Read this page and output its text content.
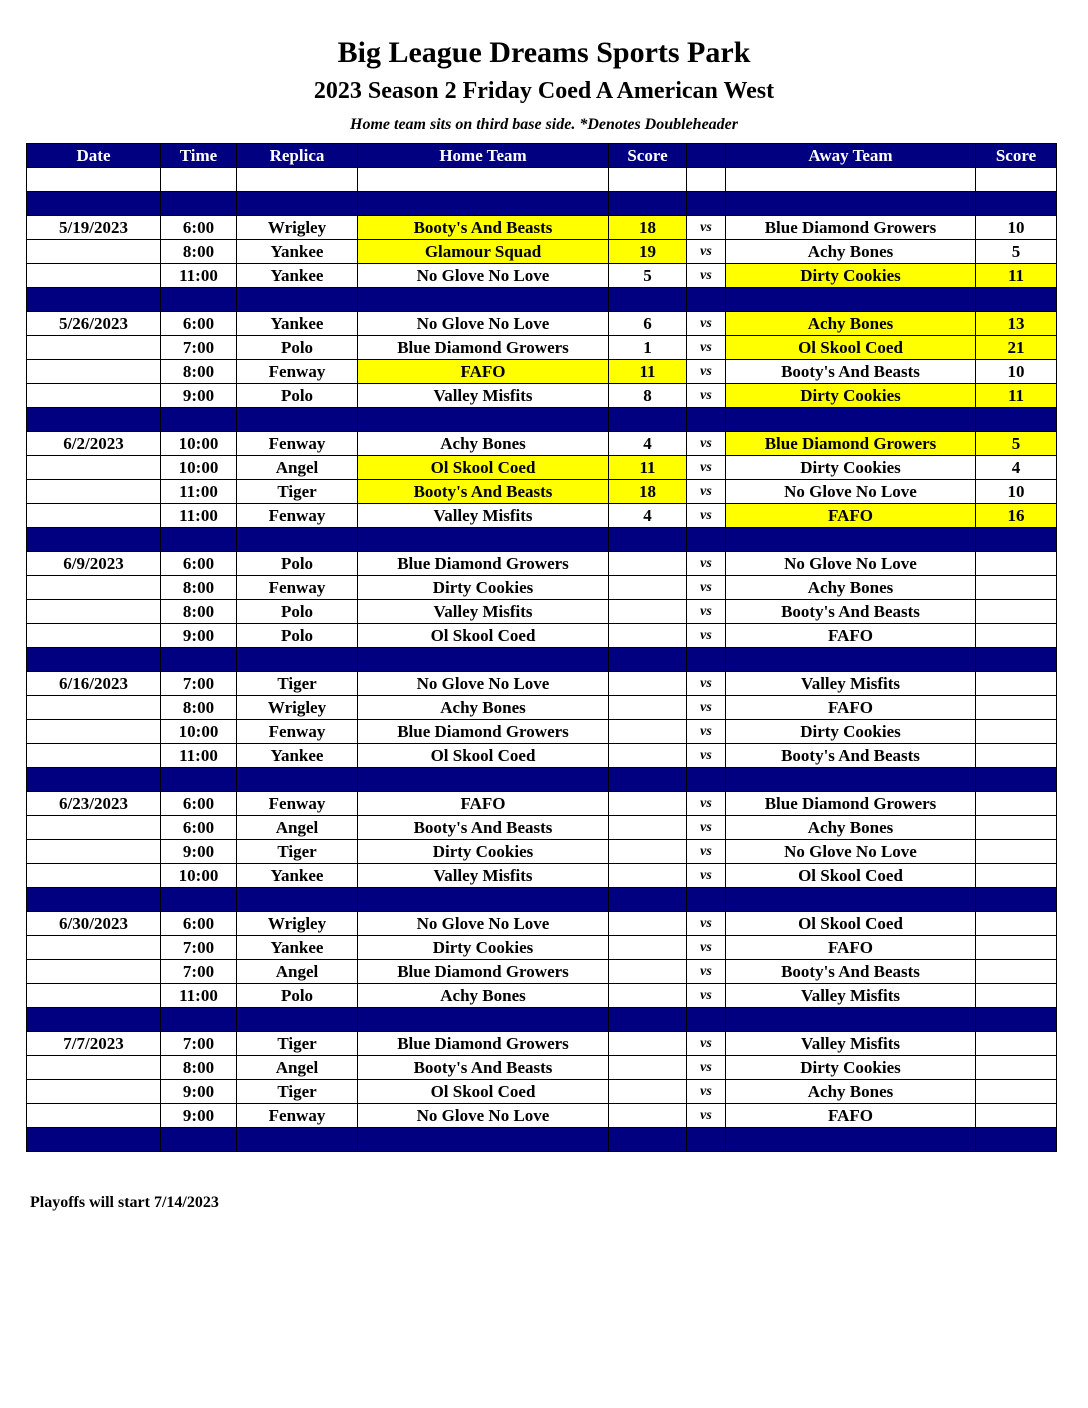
Big League Dreams Sports Park
2023 Season 2 Friday Coed A American West
Home team sits on third base side. *Denotes Doubleheader
Date	Time	Replica	Home Team	Score		Away Team	Score

5/19/2023	6:00	Wrigley	Booty's And Beasts	18	vs	Blue Diamond Growers	10
	8:00	Yankee	Glamour Squad	19	vs	Achy Bones	5
	11:00	Yankee	No Glove No Love	5	vs	Dirty Cookies	11

5/26/2023	6:00	Yankee	No Glove No Love	6	vs	Achy Bones	13
	7:00	Polo	Blue Diamond Growers	1	vs	Ol Skool Coed	21
	8:00	Fenway	FAFO	11	vs	Booty's And Beasts	10
	9:00	Polo	Valley Misfits	8	vs	Dirty Cookies	11

6/2/2023	10:00	Fenway	Achy Bones	4	vs	Blue Diamond Growers	5
	10:00	Angel	Ol Skool Coed	11	vs	Dirty Cookies	4
	11:00	Tiger	Booty's And Beasts	18	vs	No Glove No Love	10
	11:00	Fenway	Valley Misfits	4	vs	FAFO	16

6/9/2023	6:00	Polo	Blue Diamond Growers		vs	No Glove No Love	
	8:00	Fenway	Dirty Cookies		vs	Achy Bones	
	8:00	Polo	Valley Misfits		vs	Booty's And Beasts	
	9:00	Polo	Ol Skool Coed		vs	FAFO	

6/16/2023	7:00	Tiger	No Glove No Love		vs	Valley Misfits	
	8:00	Wrigley	Achy Bones		vs	FAFO	
	10:00	Fenway	Blue Diamond Growers		vs	Dirty Cookies	
	11:00	Yankee	Ol Skool Coed		vs	Booty's And Beasts	

6/23/2023	6:00	Fenway	FAFO		vs	Blue Diamond Growers	
	6:00	Angel	Booty's And Beasts		vs	Achy Bones	
	9:00	Tiger	Dirty Cookies		vs	No Glove No Love	
	10:00	Yankee	Valley Misfits		vs	Ol Skool Coed	

6/30/2023	6:00	Wrigley	No Glove No Love		vs	Ol Skool Coed	
	7:00	Yankee	Dirty Cookies		vs	FAFO	
	7:00	Angel	Blue Diamond Growers		vs	Booty's And Beasts	
	11:00	Polo	Achy Bones		vs	Valley Misfits	

7/7/2023	7:00	Tiger	Blue Diamond Growers		vs	Valley Misfits	
	8:00	Angel	Booty's And Beasts		vs	Dirty Cookies	
	9:00	Tiger	Ol Skool Coed		vs	Achy Bones	
	9:00	Fenway	No Glove No Love		vs	FAFO	

Playoffs will start 7/14/2023
